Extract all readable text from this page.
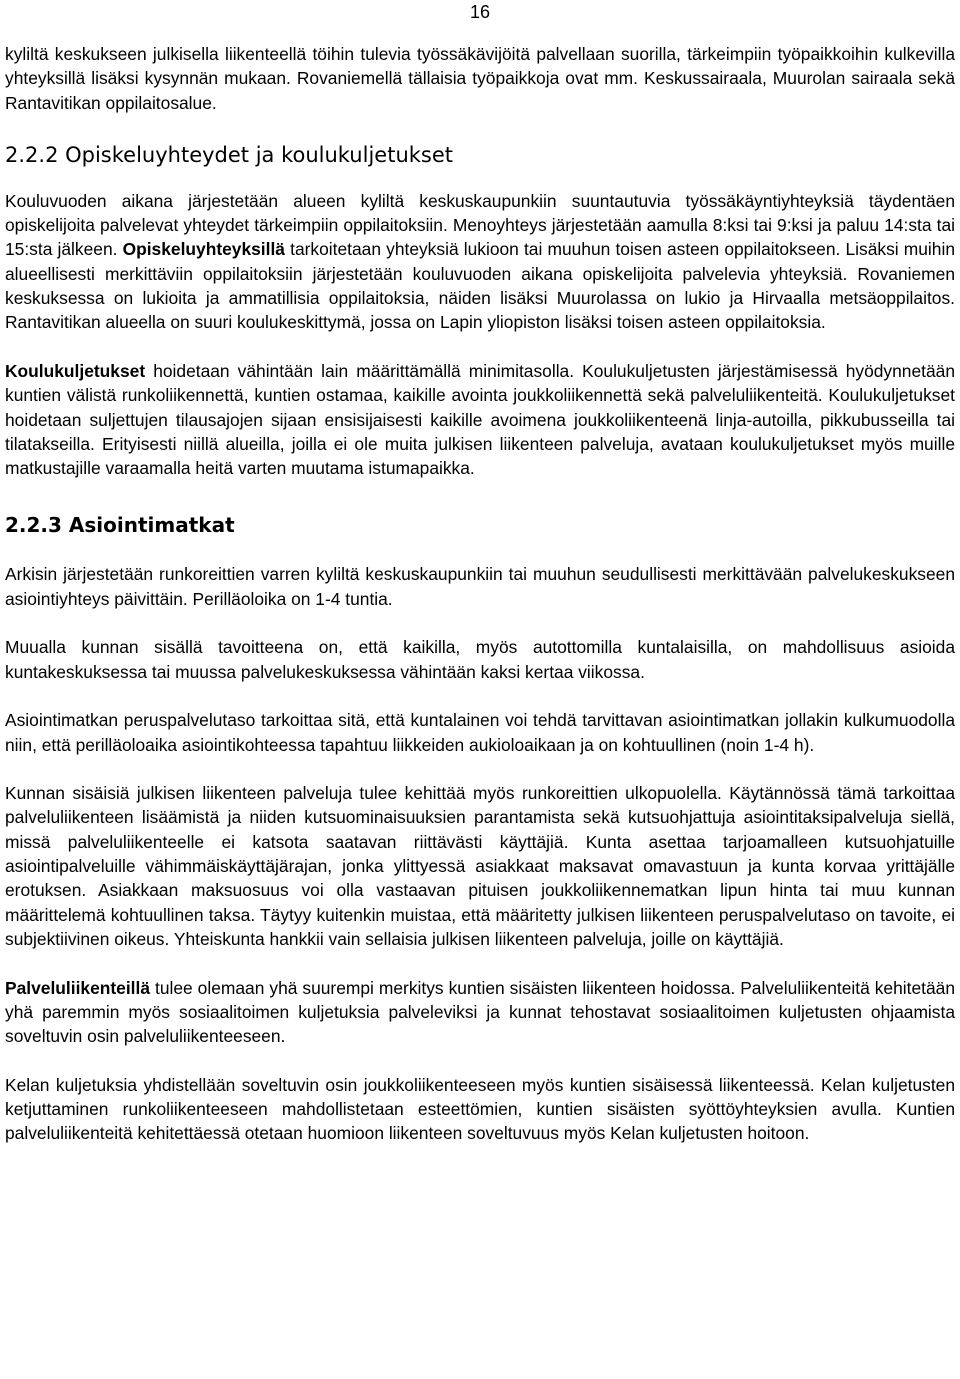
16

kyliltä keskukseen julkisella liikenteellä töihin tulevia työssäkävijöitä palvellaan suorilla, tärkeimpiin työpaikkoihin kulkevilla yhteyksillä lisäksi kysynnän mukaan. Rovaniemellä tällaisia työpaikkoja ovat mm. Keskussairaala, Muurolan sairaala sekä Rantavitikan oppilaitosalue.

2.2.2 Opiskeluyhteydet ja koulukuljetukset

Kouluvuoden aikana järjestetään alueen kyliltä keskuskaupunkiin suuntautuvia työssäkäyntiyhteyksiä täydentäen opiskelijoita palvelevat yhteydet tärkeimpiin oppilaitoksiin. Menoyhteys järjestetään aamulla 8:ksi tai 9:ksi ja paluu 14:sta tai 15:sta jälkeen. Opiskeluyhteyksillä tarkoitetaan yhteyksiä lukioon tai muuhun toisen asteen oppilaitokseen. Lisäksi muihin alueellisesti merkittäviin oppilaitoksiin järjestetään kouluvuoden aikana opiskelijoita palvelevia yhteyksiä. Rovaniemen keskuksessa on lukioita ja ammatillisia oppilaitoksia, näiden lisäksi Muurolassa on lukio ja Hirvaalla metsäoppilaitos. Rantavitikan alueella on suuri koulukeskittymä, jossa on Lapin yliopiston lisäksi toisen asteen oppilaitoksia.

Koulukuljetukset hoidetaan vähintään lain määrittämällä minimitasolla. Koulukuljetusten järjestämisessä hyödynnetään kuntien välistä runkoliikennettä, kuntien ostamaa, kaikille avointa joukkoliikennettä sekä palveluliikenteitä. Koulukuljetukset hoidetaan suljettujen tilausajojen sijaan ensisijaisesti kaikille avoimena joukkoliikenteenä linja-autoilla, pikkubusseilla tai tilatakseilla. Erityisesti niillä alueilla, joilla ei ole muita julkisen liikenteen palveluja, avataan koulukuljetukset myös muille matkustajille varaamalla heitä varten muutama istumapaikka.

2.2.3 Asiointimatkat

Arkisin järjestetään runkoreittien varren kyliltä keskuskaupunkiin tai muuhun seudullisesti merkittävään palvelukeskukseen asiointiyhteys päivittäin. Perilläoloika on 1-4 tuntia.

Muualla kunnan sisällä tavoitteena on, että kaikilla, myös autottomilla kuntalaisilla, on mahdollisuus asioida kuntakeskuksessa tai muussa palvelukeskuksessa vähintään kaksi kertaa viikossa.

Asiointimatkan peruspalvelutaso tarkoittaa sitä, että kuntalainen voi tehdä tarvittavan asiointimatkan jollakin kulkumuodolla niin, että perilläoloaika asiointikohteessa tapahtuu liikkeiden aukioloaikaan ja on kohtuullinen (noin 1-4 h).

Kunnan sisäisiä julkisen liikenteen palveluja tulee kehittää myös runkoreittien ulkopuolella. Käytännössä tämä tarkoittaa palveluliikenteen lisäämistä ja niiden kutsuominaisuuksien parantamista sekä kutsuohjattuja asiointitaksipalveluja siellä, missä palveluliikenteelle ei katsota saatavan riittävästi käyttäjiä. Kunta asettaa tarjoamalleen kutsuohjatuille asiointipalveluille vähimmäiskäyttäjärajan, jonka ylittyessä asiakkaat maksavat omavastuun ja kunta korvaa yrittäjälle erotuksen. Asiakkaan maksuosuus voi olla vastaavan pituisen joukkoliikennematkan lipun hinta tai muu kunnan määrittelemä kohtuullinen taksa. Täytyy kuitenkin muistaa, että määritetty julkisen liikenteen peruspalvelutaso on tavoite, ei subjektiivinen oikeus. Yhteiskunta hankkii vain sellaisia julkisen liikenteen palveluja, joille on käyttäjiä.

Palveluliikenteillä tulee olemaan yhä suurempi merkitys kuntien sisäisten liikenteen hoidossa. Palveluliikenteitä kehitetään yhä paremmin myös sosiaalitoimen kuljetuksia palveleviksi ja kunnat tehostavat sosiaalitoimen kuljetusten ohjaamista soveltuvin osin palveluliikenteeseen.

Kelan kuljetuksia yhdistellään soveltuvin osin joukkoliikenteeseen myös kuntien sisäisessä liikenteessä. Kelan kuljetusten ketjuttaminen runkoliikenteeseen mahdollistetaan esteettömien, kuntien sisäisten syöttöyhteyksien avulla. Kuntien palveluliikenteitä kehitettäessä otetaan huomioon liikenteen soveltuvuus myös Kelan kuljetusten hoitoon.
